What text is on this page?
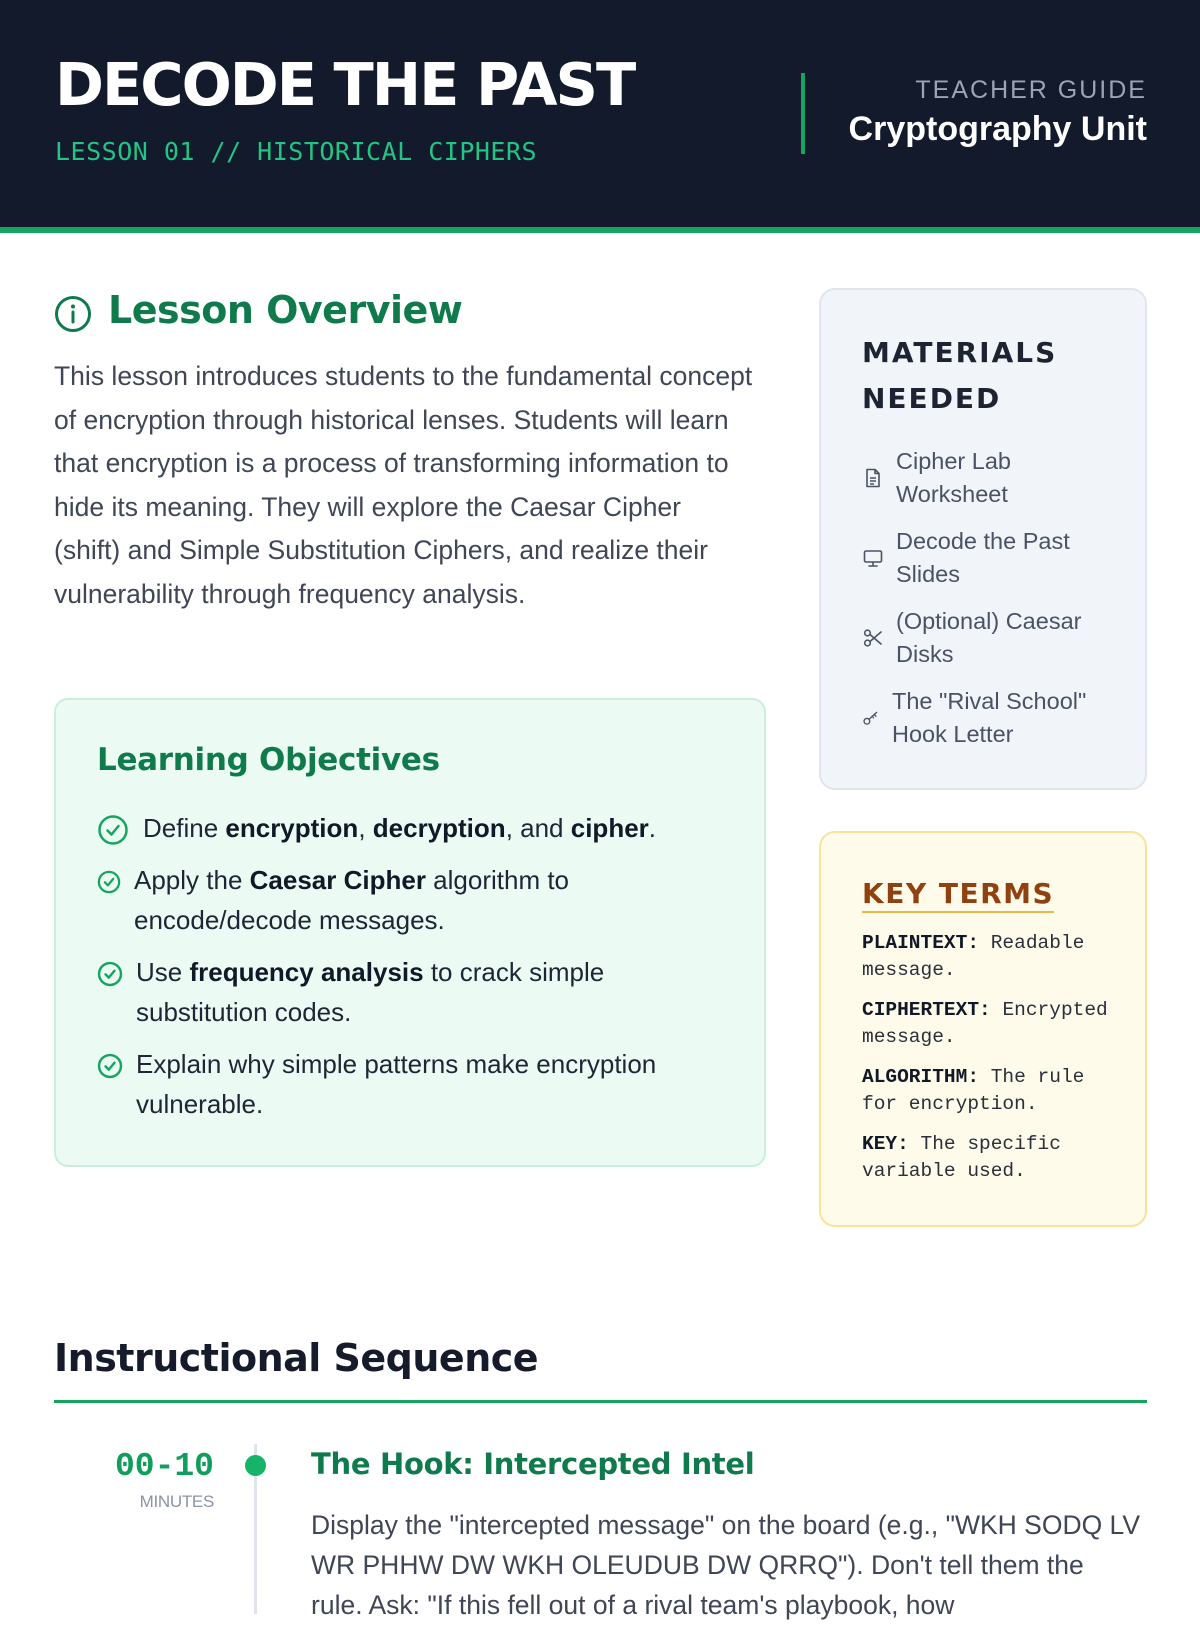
DECODE THE PAST
LESSON 01 // HISTORICAL CIPHERS
TEACHER GUIDE
Cryptography Unit
Lesson Overview

This lesson introduces students to the fundamental concept of encryption through historical lenses. Students will learn that encryption is a process of transforming information to hide its meaning. They will explore the Caesar Cipher (shift) and Simple Substitution Ciphers, and realize their vulnerability through frequency analysis.

Learning Objectives
Define encryption, decryption, and cipher.
Apply the Caesar Cipher algorithm to encode/decode messages.
Use frequency analysis to crack simple substitution codes.
Explain why simple patterns make encryption vulnerable.
MATERIALS NEEDED
Cipher Lab Worksheet
Decode the Past Slides
(Optional) Caesar Disks
The "Rival School" Hook Letter
KEY TERMS
PLAINTEXT: Readable message.
CIPHERTEXT: Encrypted message.
ALGORITHM: The rule for encryption.
KEY: The specific variable used.
Instructional Sequence
00-10
MINUTES
The Hook: Intercepted Intel

Display the "intercepted message" on the board (e.g., "WKH SODQ LV WR PHHW DW WKH OLEUDUB DW QRRQ"). Don't tell them the rule. Ask: "If this fell out of a rival team's playbook, how
